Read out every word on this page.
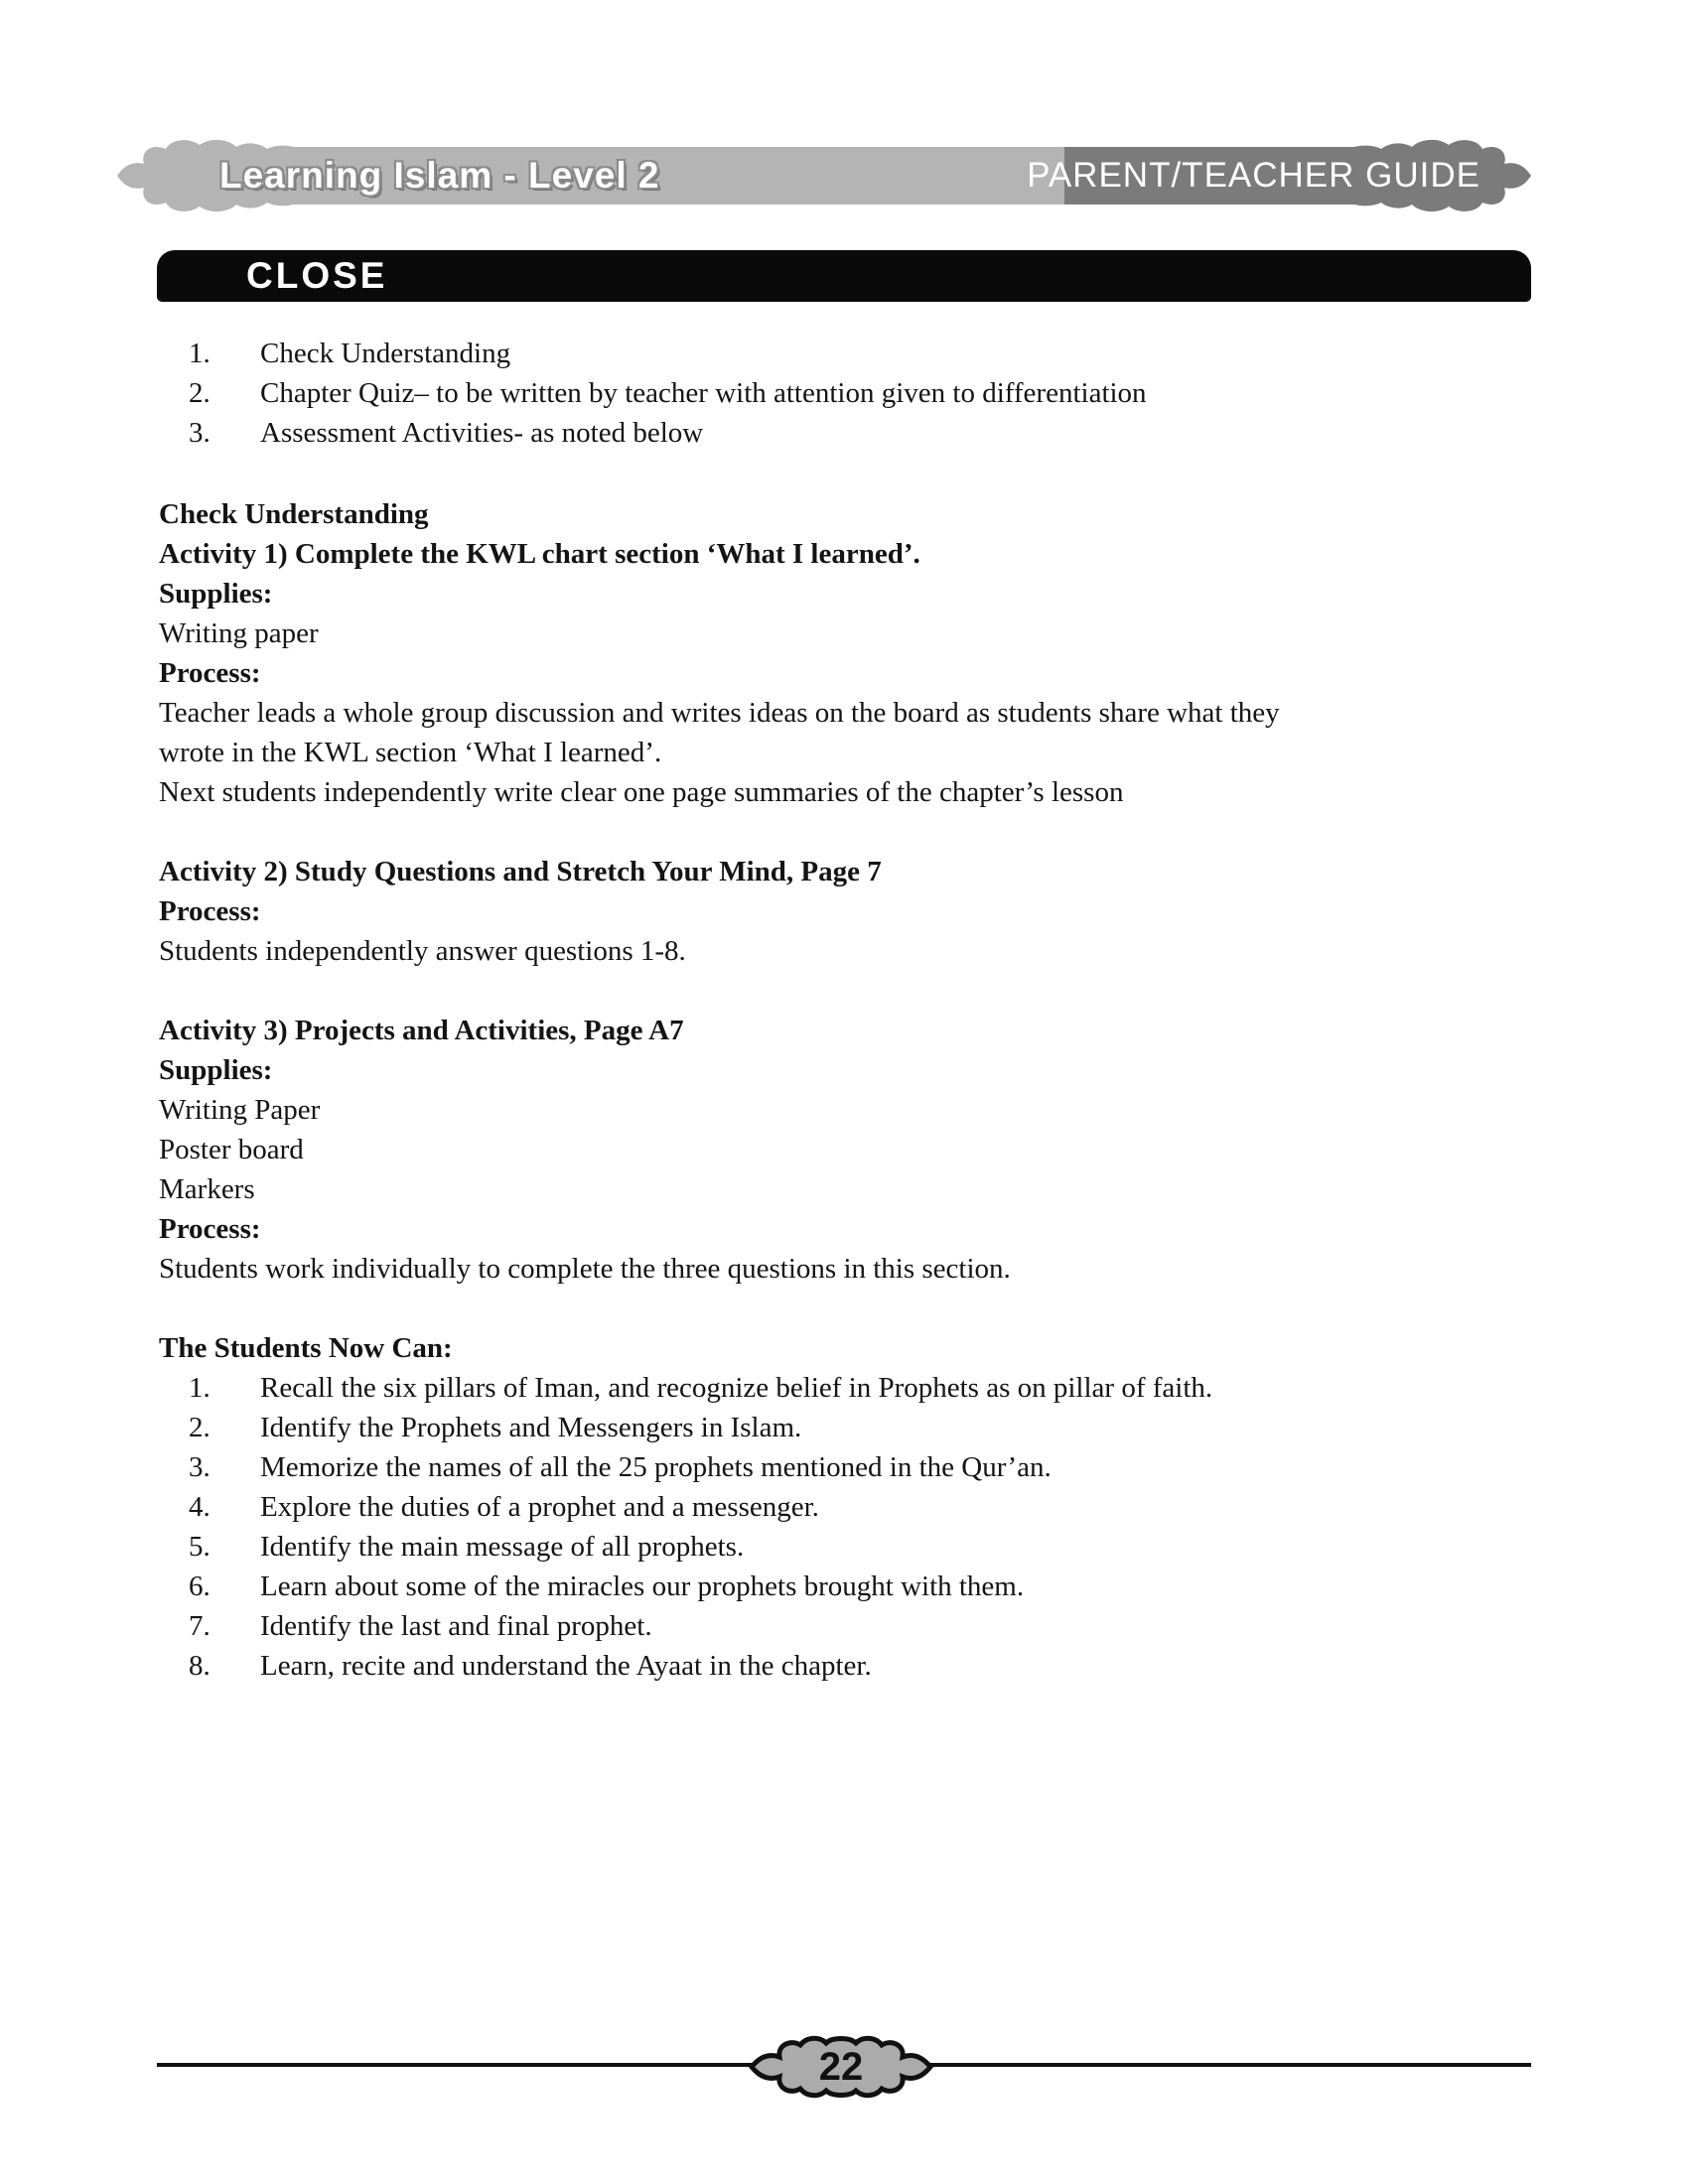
Learning Islam - Level 2	PARENT/TEACHER GUIDE
CLOSE
1.	Check Understanding
2.	Chapter Quiz– to be written by teacher with attention given to differentiation
3.	Assessment Activities- as noted below
Check Understanding
Activity 1) Complete the KWL chart section ‘What I learned’.
Supplies:
Writing paper
Process:
Teacher leads a whole group discussion and writes ideas on the board as students share what they
wrote in the KWL section ‘What I learned’.
Next students independently write clear one page summaries of the chapter’s lesson
Activity 2) Study Questions and Stretch Your Mind, Page 7
Process:
Students independently answer questions 1-8.
Activity 3) Projects and Activities, Page A7
Supplies:
Writing Paper
Poster board
Markers
Process:
Students work individually to complete the three questions in this section.
The Students Now Can:
1.	Recall the six pillars of Iman, and recognize belief in Prophets as on pillar of faith.
2.	Identify the Prophets and Messengers in Islam.
3.	Memorize the names of all the 25 prophets mentioned in the Qur’an.
4.	Explore the duties of a prophet and a messenger.
5.	Identify the main message of all prophets.
6.	Learn about some of the miracles our prophets brought with them.
7.	Identify the last and final prophet.
8.	Learn, recite and understand the Ayaat in the chapter.
22
